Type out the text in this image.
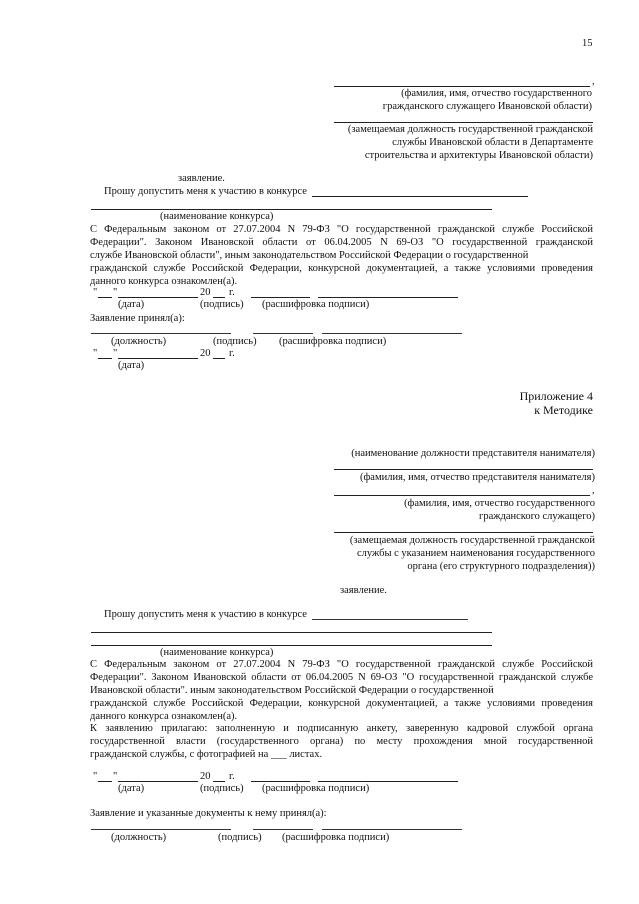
15
,
(фамилия, имя, отчество государственного
гражданского служащего Ивановской области)
(замещаемая должность государственной гражданской
службы Ивановской области в Департаменте
строительства и архитектуры Ивановской области)
заявление.
Прошу допустить меня к участию в конкурсе
(наименование конкурса)
С Федеральным законом от 27.07.2004 N 79-ФЗ "О государственной гражданской службе Российской
Федерации". Законом Ивановской области от 06.04.2005 N 69-ОЗ "О государственной гражданской
службе Ивановской области", иным законодательством Российской Федерации о государственной
гражданской службе Российской Федерации, конкурсной документацией, а также условиями проведения
данного конкурса ознакомлен(а).
" "	20 г.
(дата)	(подпись) (расшифровка подписи)
Заявление принял(а):
(должность)	(подпись) (расшифровка подписи)
" "	20 г.
(дата)
Приложение 4
к Методике
(наименование должности представителя нанимателя)
(фамилия, имя, отчество представителя нанимателя)
,
(фамилия, имя, отчество государственного
гражданского служащего)
(замещаемая должность государственной гражданской
службы с указанием наименования государственного
органа (его структурного подразделения))
заявление.
Прошу допустить меня к участию в конкурсе
(наименование конкурса)
С Федеральным законом от 27.07.2004 N 79-ФЗ "О государственной гражданской службе Российской
Федерации". Законом Ивановской области от 06.04.2005 N 69-ОЗ "О государственной гражданской службе
Ивановской области". иным законодательством Российской Федерации о государственной
гражданской службе Российской Федерации, конкурсной документацией, а также условиями проведения
данного конкурса ознакомлен(а).
К заявлению прилагаю: заполненную и подписанную анкету, заверенную кадровой службой органа
государственной власти (государственного органа) по месту прохождения мной государственной
гражданской службы, с фотографией на ___ листах.
" "	20 г.
(дата)	(подпись) (расшифровка подписи)
Заявление и указанные документы к нему принял(а):
(должность)	(подпись) (расшифровка подписи)
